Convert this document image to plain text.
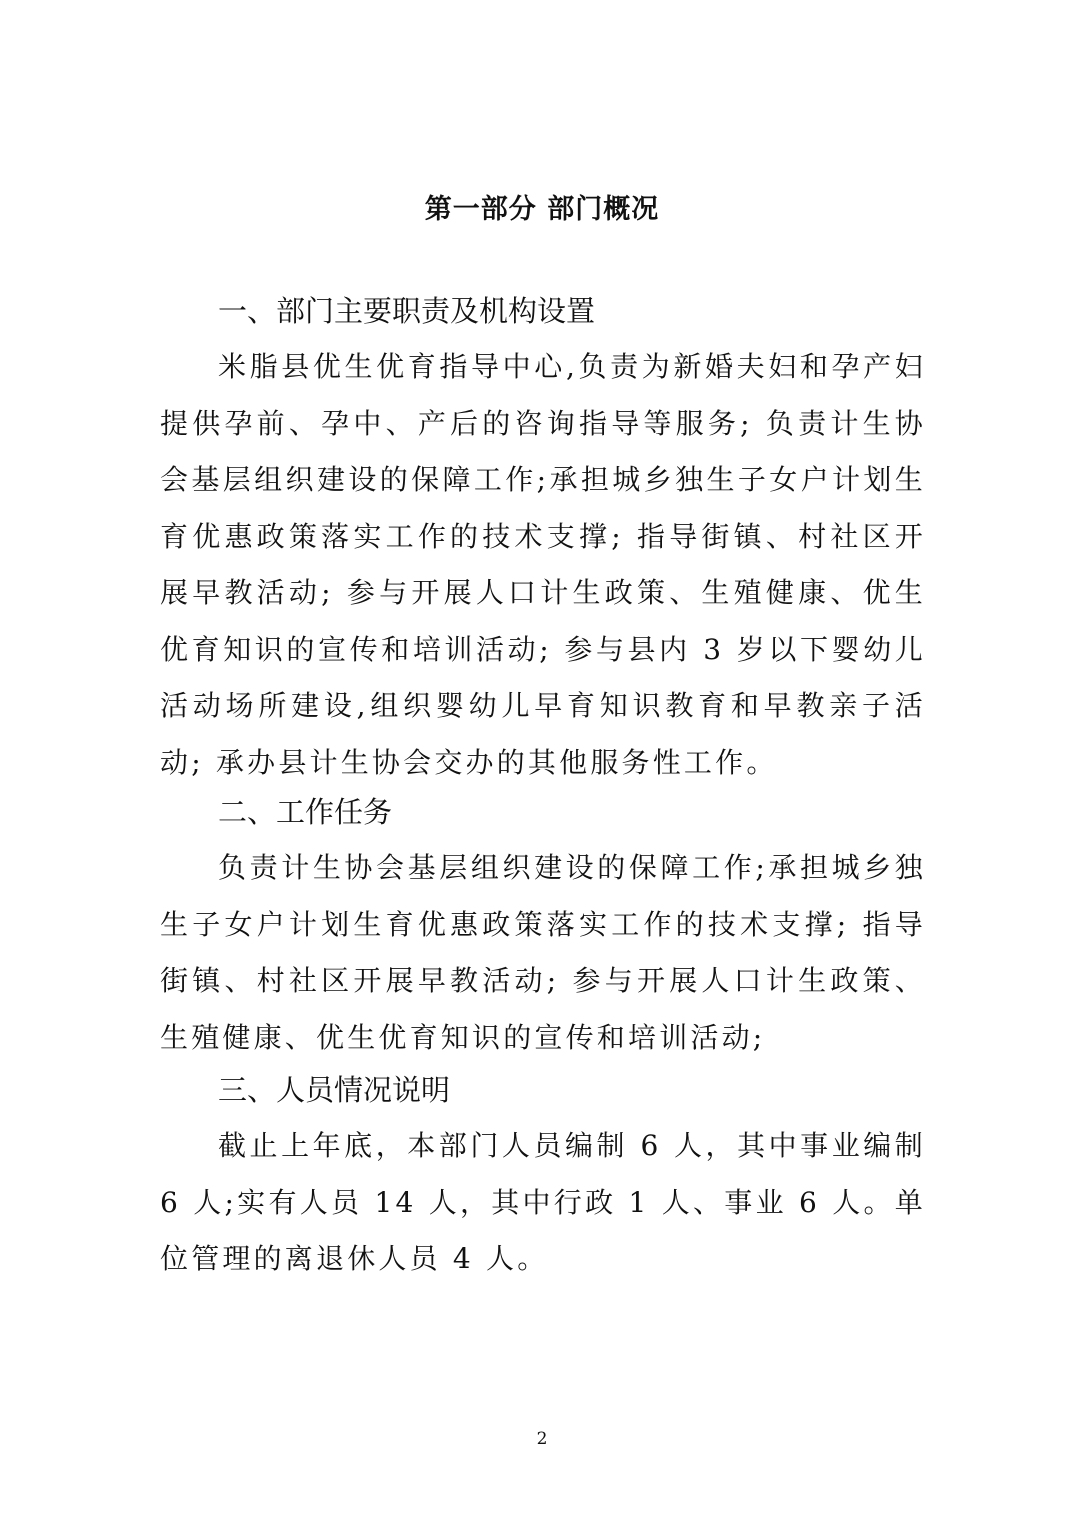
第一部分 部门概况
一、部门主要职责及机构设置

米脂县优生优育指导中心,负责为新婚夫妇和孕产妇提供孕前、孕中、产后的咨询指导等服务; 负责计生协会基层组织建设的保障工作;承担城乡独生子女户计划生育优惠政策落实工作的技术支撑; 指导街镇、村社区开展早教活动; 参与开展人口计生政策、生殖健康、优生优育知识的宣传和培训活动; 参与县内 3 岁以下婴幼儿活动场所建设,组织婴幼儿早育知识教育和早教亲子活动; 承办县计生协会交办的其他服务性工作。

二、工作任务

负责计生协会基层组织建设的保障工作;承担城乡独生子女户计划生育优惠政策落实工作的技术支撑; 指导街镇、村社区开展早教活动; 参与开展人口计生政策、生殖健康、优生优育知识的宣传和培训活动;

三、人员情况说明

截止上年底，本部门人员编制 6 人，其中事业编制 6 人;实有人员 14 人，其中行政 1 人、事业 6 人。单位管理的离退休人员 4 人。

2
